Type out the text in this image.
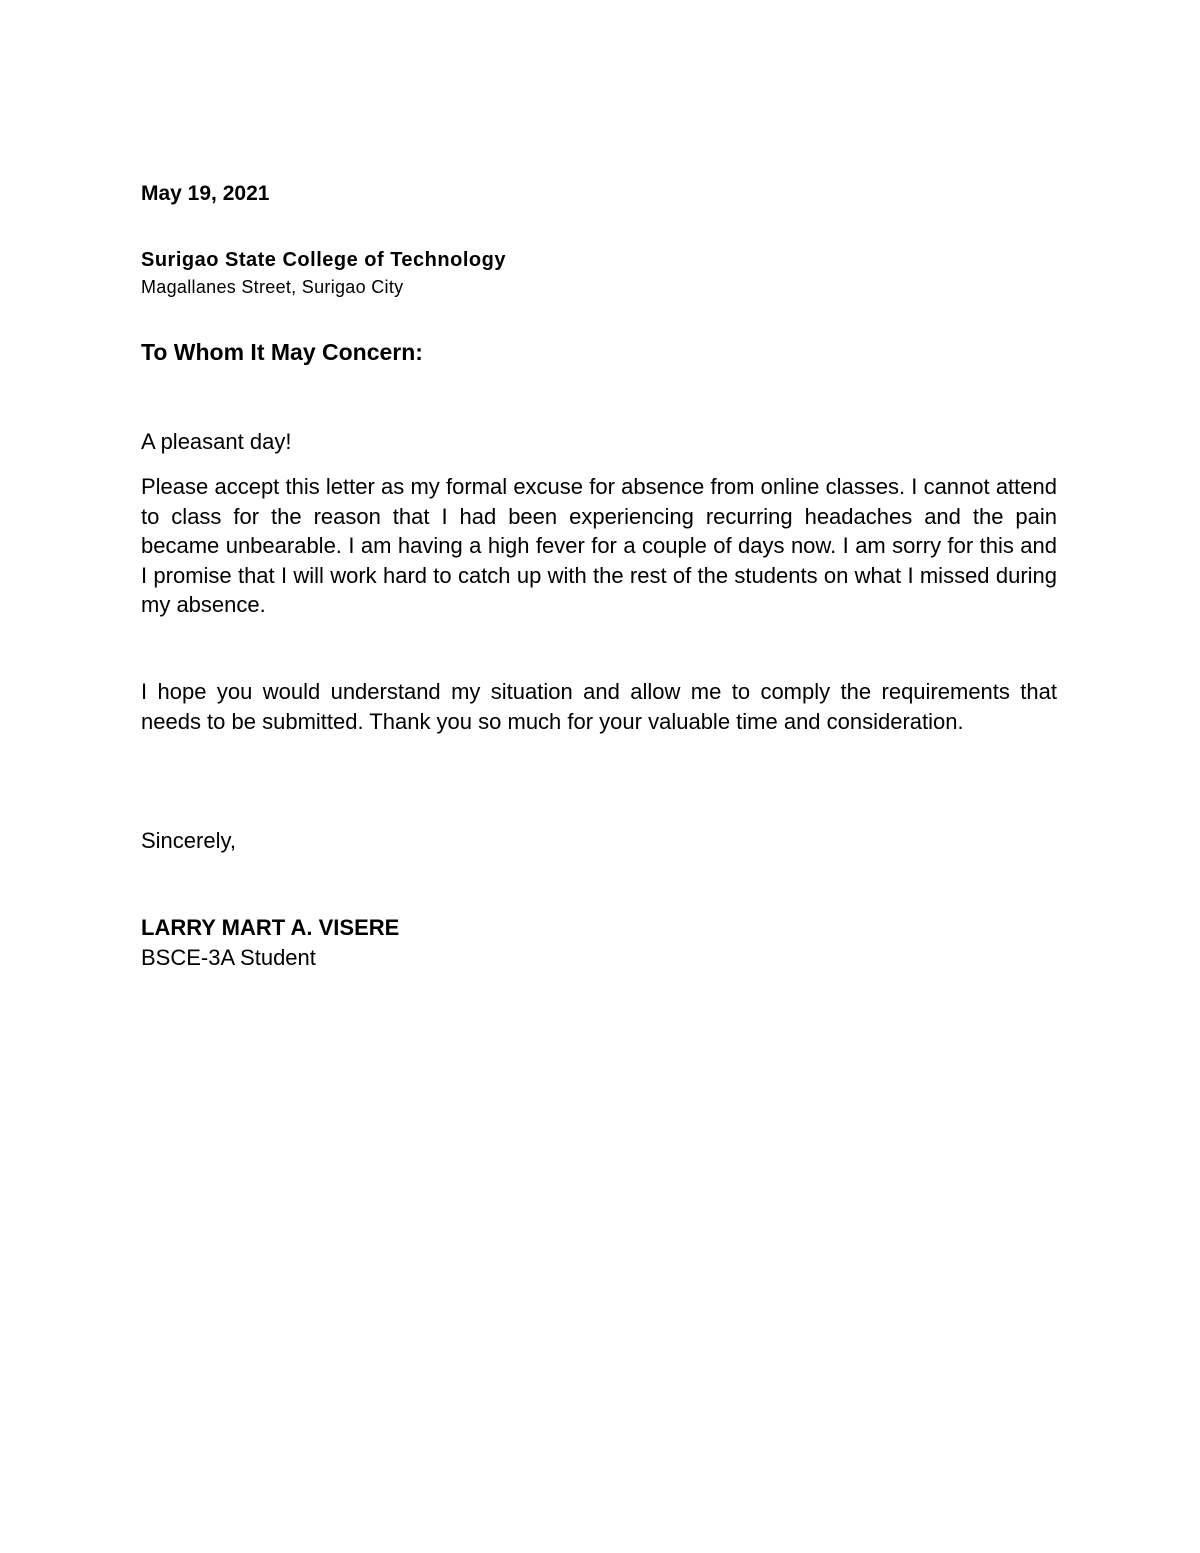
May 19, 2021

Surigao State College of Technology

Magallanes Street, Surigao City

To Whom It May Concern:

A pleasant day!

Please accept this letter as my formal excuse for absence from online classes. I cannot attend to class for the reason that I had been experiencing recurring headaches and the pain became unbearable. I am having a high fever for a couple of days now. I am sorry for this and I promise that I will work hard to catch up with the rest of the students on what I missed during my absence.

I hope you would understand my situation and allow me to comply the requirements that needs to be submitted. Thank you so much for your valuable time and consideration.

Sincerely,

LARRY MART A. VISERE

BSCE-3A Student
